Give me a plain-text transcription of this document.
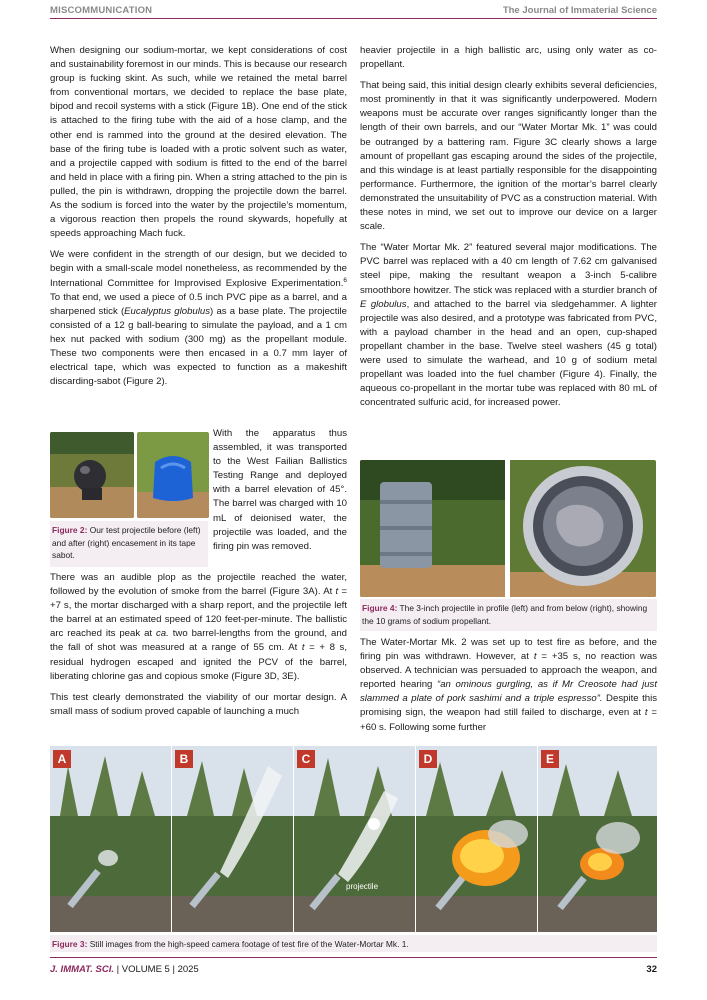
MISCOMMUNICATION	The Journal of Immaterial Science

When designing our sodium-mortar, we kept considerations of cost and sustainability foremost in our minds. This is because our research group is fucking skint. As such, while we retained the metal barrel from conventional mortars, we decided to replace the base plate, bipod and recoil systems with a stick (Figure 1B). One end of the stick is attached to the firing tube with the aid of a hose clamp, and the other end is rammed into the ground at the desired elevation. The base of the firing tube is loaded with a protic solvent such as water, and a projectile capped with sodium is fitted to the end of the barrel and held in place with a firing pin. When a string attached to the pin is pulled, the pin is withdrawn, dropping the projectile down the barrel. As the sodium is forced into the water by the projectile’s momentum, a vigorous reaction then propels the round skywards, hopefully at speeds approaching Mach fuck.

We were confident in the strength of our design, but we decided to begin with a small-scale model nonetheless, as recommended by the International Committee for Improvised Explosive Experimentation.$^6$ To that end, we used a piece of 0.5 inch PVC pipe as a barrel, and a sharpened stick (Eucalyptus globulus) as a base plate. The projectile consisted of a 12 g ball-bearing to simulate the payload, and a 1 cm hex nut packed with sodium (300 mg) as the propellant module. These two components were then encased in a 0.7 mm layer of electrical tape, which was expected to function as a makeshift discarding-sabot (Figure 2).

Figure 2: Our test projectile before (left) and after (right) encasement in its tape sabot.

With the apparatus thus assembled, it was transported to the West Failian Ballistics Testing Range and deployed with a barrel elevation of 45°. The barrel was charged with 10 mL of deionised water, the projectile was loaded, and the firing pin was removed.

There was an audible plop as the projectile reached the water, followed by the evolution of smoke from the barrel (Figure 3A). At t = +7 s, the mortar discharged with a sharp report, and the projectile left the barrel at an estimated speed of 120 feet-per-minute. The ballistic arc reached its peak at ca. two barrel-lengths from the ground, and the fall of shot was measured at a range of 55 cm. At t = + 8 s, residual hydrogen escaped and ignited the PCV of the barrel, liberating chlorine gas and copious smoke (Figure 3D, 3E).

This test clearly demonstrated the viability of our mortar design. A small mass of sodium proved capable of launching a much

heavier projectile in a high ballistic arc, using only water as co-propellant.

That being said, this initial design clearly exhibits several deficiencies, most prominently in that it was significantly underpowered. Modern weapons must be accurate over ranges significantly longer than the length of their own barrels, and our “Water Mortar Mk. 1” was could be outranged by a battering ram. Figure 3C clearly shows a large amount of propellant gas escaping around the sides of the projectile, and this windage is at least partially responsible for the disappointing performance. Furthermore, the ignition of the mortar’s barrel clearly demonstrated the unsuitability of PVC as a construction material. With these notes in mind, we set out to improve our device on a larger scale.

The “Water Mortar Mk. 2” featured several major modifications. The PVC barrel was replaced with a 40 cm length of 7.62 cm galvanised steel pipe, making the resultant weapon a 3-inch 5-calibre smoothbore howitzer. The stick was replaced with a sturdier branch of E globulus, and attached to the barrel via sledgehammer. A lighter projectile was also desired, and a prototype was fabricated from PVC, with a payload chamber in the head and an open, cup-shaped propellant chamber in the base. Twelve steel washers (45 g total) were used to simulate the warhead, and 10 g of sodium metal propellant was loaded into the fuel chamber (Figure 4). Finally, the aqueous co-propellant in the mortar tube was replaced with 80 mL of concentrated sulfuric acid, for increased power.

Figure 4: The 3-inch projectile in profile (left) and from below (right), showing the 10 grams of sodium propellant.

The Water-Mortar Mk. 2 was set up to test fire as before, and the firing pin was withdrawn. However, at t = +35 s, no reaction was observed. A technician was persuaded to approach the weapon, and reported hearing “an ominous gurgling, as if Mr Creosote had just slammed a plate of pork sashimi and a triple espresso”. Despite this promising sign, the weapon had still failed to discharge, even at t = +60 s. Following some further

A	B	C
projectile
D	E
Figure 3: Still images from the high-speed camera footage of test fire of the Water-Mortar Mk. 1.
J. IMMAT. SCI. | VOLUME 5 | 2025	32
